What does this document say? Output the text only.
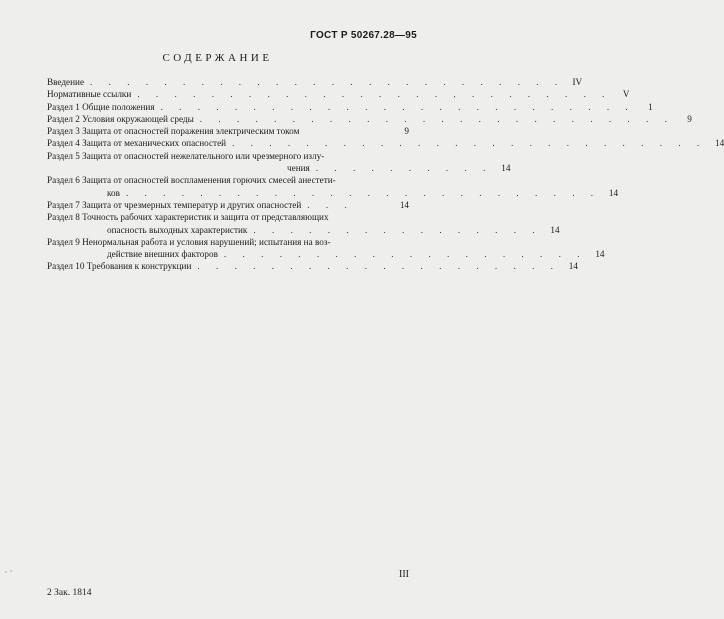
ГОСТ Р 50267.28—95
СОДЕРЖАНИЕ
Введение . . . . . . . . . . . . . . . . . . . . . . . . . . IV
Нормативные ссылки . . . . . . . . . . . . . . . . . . . . . . . . . .	V
Раздел 1 Общие положения . . . . . . . . . . . . . . . . . . . . . . . . . .	1
Раздел 2 Условия окружающей среды . . . . . . . . . . . . . . . . . . . . . . . . . .	9
Раздел 3 Защита от опасностей поражения электрическим током	9
Раздел 4 Защита от механических опасностей . . . . . . . . . . . . . . . . . . . . . . . . . . 14
Раздел 5 Защита от опасностей нежелательного или чрезмерного излу-
чения . . . . . . . . . . 14
Раздел 6 Защита от опасностей воспламенения горючих смесей анестети-
ков . . . . . . . . . . . . . . . . . . . . . . . . . . 14
Раздел 7 Защита от чрезмерных температур и других опасностей . . .	14
Раздел 8 Точность рабочих характеристик и защита от представляющих
опасность выходных характеристик . . . . . . . . . . . . . . . . 14
Раздел 9 Ненормальная работа и условия нарушений; испытания на воз-
действие внешних факторов . . . . . . . . . . . . . . . . . . . . 14
Раздел 10 Требования к конструкции . . . . . . . . . . . . . . . . . . . . 14
2 Зак. 1814
III
